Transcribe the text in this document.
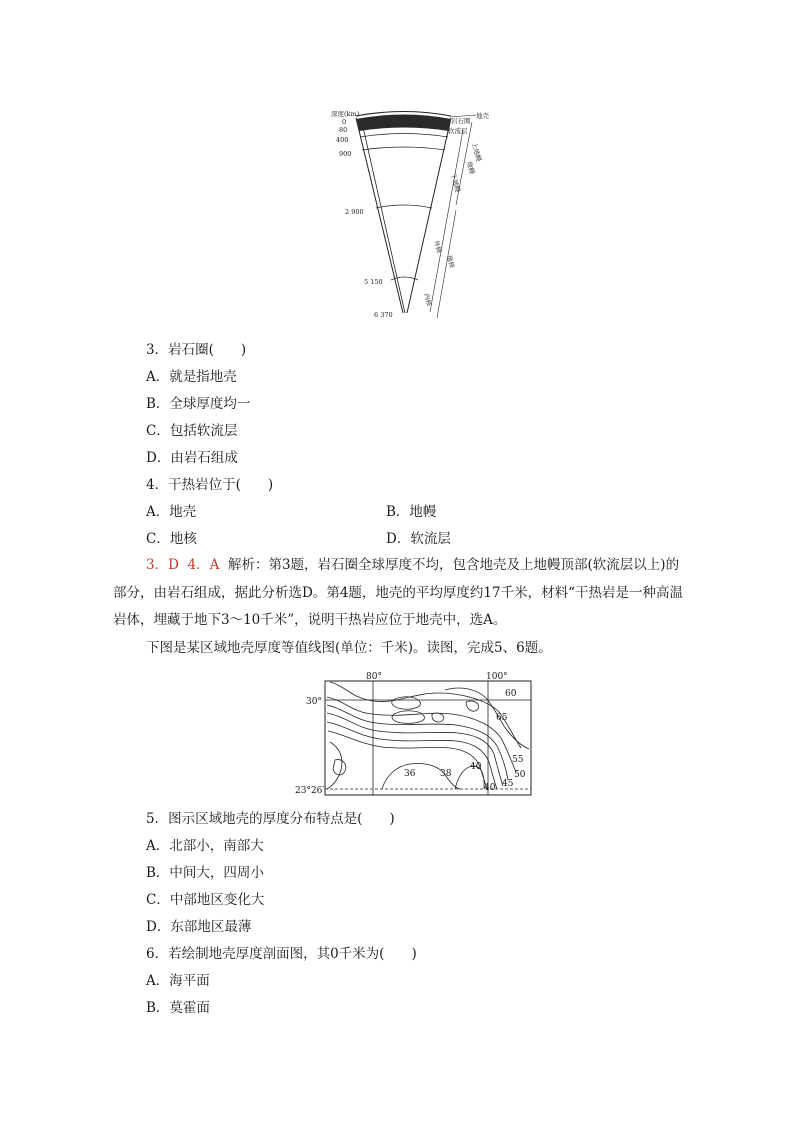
深度(km)
0
80
400
900
2 900
5 150
6 370
岩石圈
软流层
地壳
上地幔
地幔
下地幔
外核
地核
内核
3．岩石圈(　　)
A．就是指地壳
B．全球厚度均一
C．包括软流层
D．由岩石组成
4．干热岩位于(　　)
A．地壳	B．地幔
C．地核	D．软流层
3．D 4．A 解析：第3题，岩石圈全球厚度不均，包含地壳及上地幔顶部(软流层以上)的部分，由岩石组成，据此分析选D。第4题，地壳的平均厚度约17千米，材料“干热岩是一种高温岩体，埋藏于地下3～10千米”，说明干热岩应位于地壳中，选A。
下图是某区域地壳厚度等值线图(单位：千米)。读图，完成5、6题。
80°	100°
30°
23°26′
60
65
55
50
45
40
40
38
36
5．图示区域地壳的厚度分布特点是(　　)
A．北部小，南部大
B．中间大，四周小
C．中部地区变化大
D．东部地区最薄
6．若绘制地壳厚度剖面图，其0千米为(　　)
A．海平面
B．莫霍面
